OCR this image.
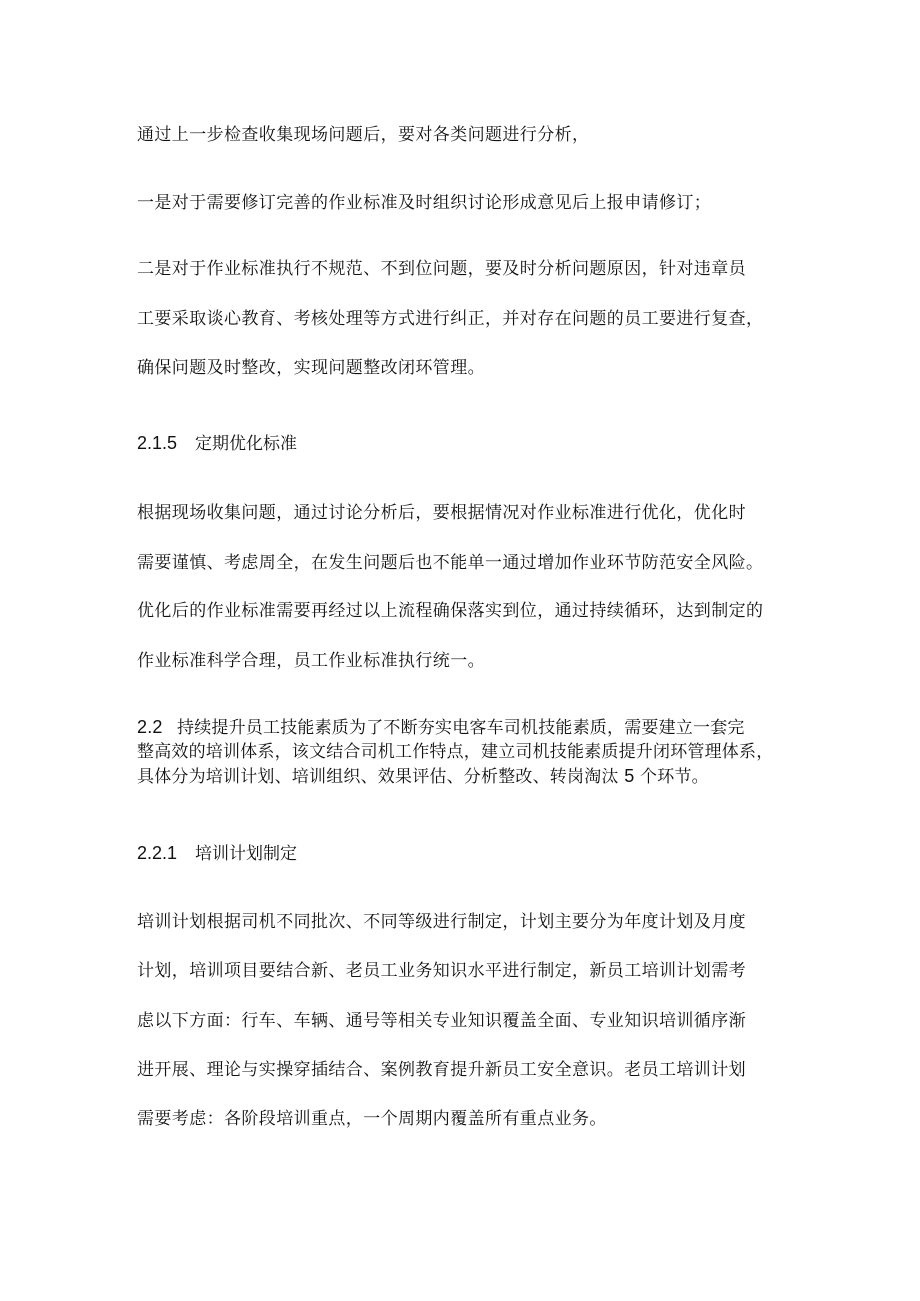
通过上一步检查收集现场问题后，要对各类问题进行分析，
一是对于需要修订完善的作业标准及时组织讨论形成意见后上报申请修订；
二是对于作业标准执行不规范、不到位问题，要及时分析问题原因，针对违章员
工要采取谈心教育、考核处理等方式进行纠正，并对存在问题的员工要进行复查，
确保问题及时整改，实现问题整改闭环管理。
2.1.5 定期优化标准
根据现场收集问题，通过讨论分析后，要根据情况对作业标准进行优化，优化时
需要谨慎、考虑周全，在发生问题后也不能单一通过增加作业环节防范安全风险。
优化后的作业标准需要再经过以上流程确保落实到位，通过持续循环，达到制定的
作业标准科学合理，员工作业标准执行统一。
2.2 持续提升员工技能素质为了不断夯实电客车司机技能素质，需要建立一套完
整高效的培训体系，该文结合司机工作特点，建立司机技能素质提升闭环管理体系，
具体分为培训计划、培训组织、效果评估、分析整改、转岗淘汰 5 个环节。
2.2.1 培训计划制定
培训计划根据司机不同批次、不同等级进行制定，计划主要分为年度计划及月度
计划，培训项目要结合新、老员工业务知识水平进行制定，新员工培训计划需考
虑以下方面：行车、车辆、通号等相关专业知识覆盖全面、专业知识培训循序渐
进开展、理论与实操穿插结合、案例教育提升新员工安全意识。老员工培训计划
需要考虑：各阶段培训重点，一个周期内覆盖所有重点业务。
